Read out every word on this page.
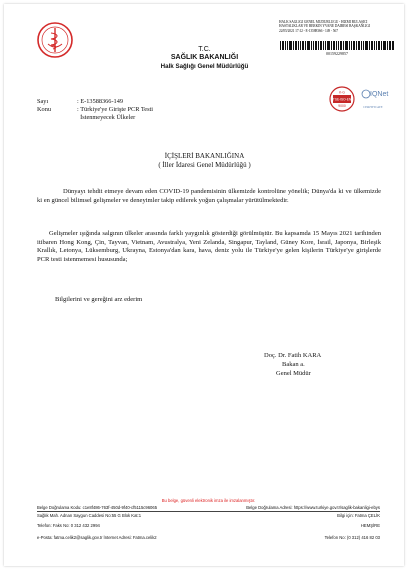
HALK SAĞLIĞI GENEL MÜDÜRLÜĞÜ - HIZMI BULAŞICI
HASTALIKLAR VE BERKIN YVANE DAIRESI BAŞKANLIĞI
22/05/2021 17:12 - E-13588366 - 149 - 567
00159229857
T.C.
SAĞLIK BAKANLIĞI
Halk Sağlığı Genel Müdürlüğü
K-G
TSE-ISO-EN
9000
IQNet
CERTIFICATE
Sayı	: E-13588366-149
Konu	: Türkiye'ye Girişte PCR Testi
İstenmeyecek Ülkeler
İÇİŞLERİ BAKANLIĞINA
( İller İdaresi Genel Müdürlüğü )
Dünyayı tehdit etmeye devam eden COVID-19 pandemisinin ülkemizde kontrolüne yönelik; Dünya'da ki ve ülkemizde ki en güncel bilimsel gelişmeler ve deneyimler takip edilerek yoğun çalışmalar yürütülmektedir.
Gelişmeler ışığında salgının ülkeler arasında farklı yaygınlık gösterdiği görülmüştür. Bu kapsamda 15 Mayıs 2021 tarihinden itibaren Hong Kong, Çin, Tayvan, Vietnam, Avustralya, Yeni Zelanda, Singapur, Tayland, Güney Kore, İsrail, Japonya, Birleşik Krallık, Letonya, Lüksemburg, Ukrayna, Estonya'dan kara, hava, deniz yolu ile Türkiye'ye gelen kişilerin Türkiye'ye girişlerde PCR testi istenmemesi hususunda;
Bilgilerini ve gereğini arz ederim
Doç. Dr. Fatih KARA
Bakan a.
Genel Müdür
Bu belge, güvenli elektronik imza ile imzalanmıştır.
Belge Doğrulama Kodu: c1e8f486-763f-450d-9f40-cf5115c96065	Belge Doğrulama Adresi: https://www.turkiye.gov.tr/saglik-bakanligi-ebys
Sağlık Mah. Adnan Saygun Caddesi No:55 G Blok Kat:1	Bilgi için: Fatma ÇELİK
Telefon: Faks No: 0 312 432 2994	HEMŞİRE
e-Posta: fatma.celik2@saglik.gov.tr İnternet Adresi: Fatma.celik2	Telefon No: (0 312) 416 82 03
